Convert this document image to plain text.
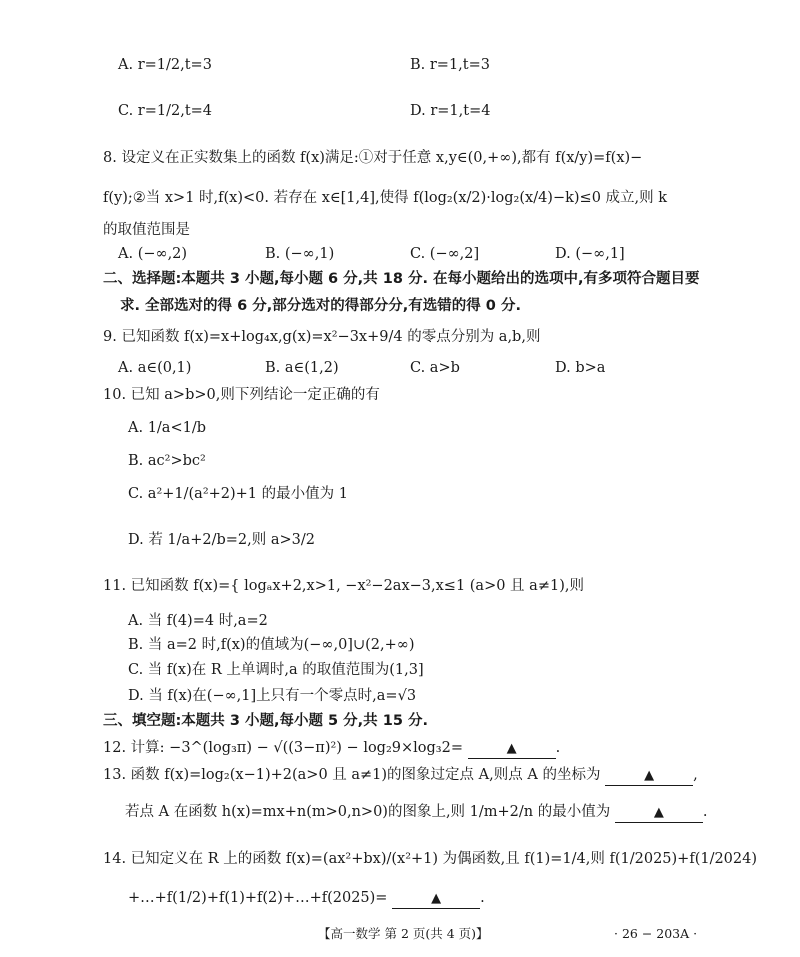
A. r=1/2,t=3	B. r=1,t=3
C. r=1/2,t=4	D. r=1,t=4
8. 设定义在正实数集上的函数 f(x)满足:①对于任意 x,y∈(0,+∞),都有 f(x/y)=f(x)−
f(y);②当 x>1 时,f(x)<0. 若存在 x∈[1,4],使得 f(log₂(x/2)·log₂(x/4)−k)≤0 成立,则 k
的取值范围是
A. (−∞,2)	B. (−∞,1)	C. (−∞,2]	D. (−∞,1]
二、选择题:本题共 3 小题,每小题 6 分,共 18 分. 在每小题给出的选项中,有多项符合题目要
求. 全部选对的得 6 分,部分选对的得部分分,有选错的得 0 分.
9. 已知函数 f(x)=x+log₄x,g(x)=x²−3x+9/4 的零点分别为 a,b,则
A. a∈(0,1)	B. a∈(1,2)	C. a>b	D. b>a
10. 已知 a>b>0,则下列结论一定正确的有
A. 1/a<1/b
B. ac²>bc²
C. a²+1/(a²+2)+1 的最小值为 1
D. 若 1/a+2/b=2,则 a>3/2
11. 已知函数 f(x)={ logₐx+2,x>1, −x²−2ax−3,x≤1 (a>0 且 a≠1),则
A. 当 f(4)=4 时,a=2
B. 当 a=2 时,f(x)的值域为(−∞,0]∪(2,+∞)
C. 当 f(x)在 R 上单调时,a 的取值范围为(1,3]
D. 当 f(x)在(−∞,1]上只有一个零点时,a=√3
三、填空题:本题共 3 小题,每小题 5 分,共 15 分.
12. 计算: −3^(log₃π) − √((3−π)²) − log₂9×log₃2=	▲	.
13. 函数 f(x)=log₂(x−1)+2(a>0 且 a≠1)的图象过定点 A,则点 A 的坐标为	▲	,
若点 A 在函数 h(x)=mx+n(m>0,n>0)的图象上,则 1/m+2/n 的最小值为	▲	.
14. 已知定义在 R 上的函数 f(x)=(ax²+bx)/(x²+1) 为偶函数,且 f(1)=1/4,则 f(1/2025)+f(1/2024)
+…+f(1/2)+f(1)+f(2)+…+f(2025)=	▲	.
【高一数学 第 2 页(共 4 页)】	· 26 − 203A ·
